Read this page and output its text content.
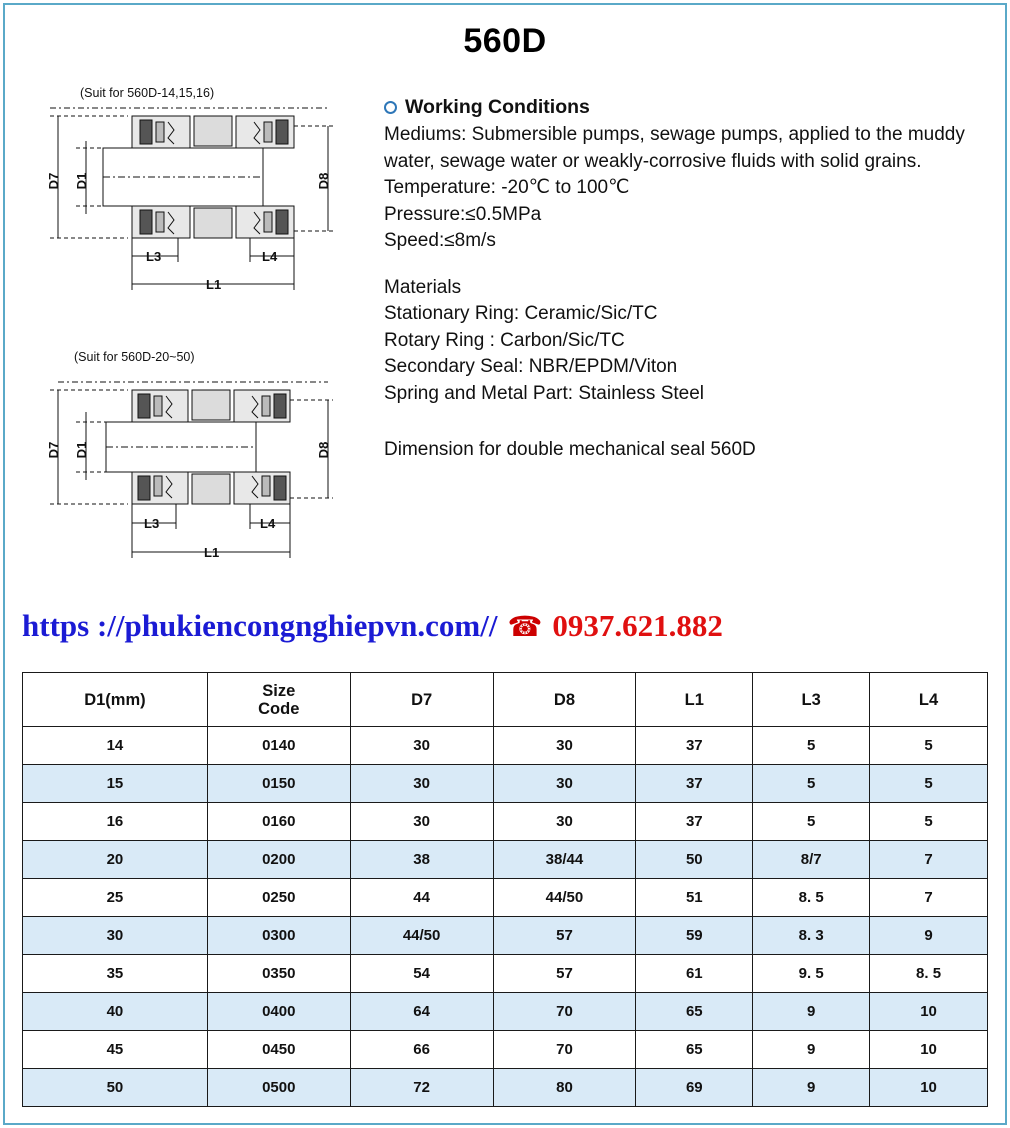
560D
(Suit for 560D-14,15,16)
D7 D1	D8
L3	L4
L1
(Suit for 560D-20~50)
D7 D1	D8
L3	L4
L1
Working Conditions

Mediums: Submersible pumps, sewage pumps, applied to the muddy water, sewage water or weakly-corrosive fluids with solid grains.

Temperature: -20℃ to 100℃

Pressure:≤0.5MPa

Speed:≤8m/s

Materials

Stationary Ring: Ceramic/Sic/TC

Rotary Ring : Carbon/Sic/TC

Secondary Seal: NBR/EPDM/Viton

Spring and Metal Part: Stainless Steel

Dimension for double mechanical seal 560D

https ://phukiencongnghiepvn.com// ☎ 0937.621.882
D1(mm)	Size
Code	D7	D8	L1	L3	L4
14	0140	30	30	37	5	5
15	0150	30	30	37	5	5
16	0160	30	30	37	5	5
20	0200	38	38/44	50	8/7	7
25	0250	44	44/50	51	8. 5	7
30	0300	44/50	57	59	8. 3	9
35	0350	54	57	61	9. 5	8. 5
40	0400	64	70	65	9	10
45	0450	66	70	65	9	10
50	0500	72	80	69	9	10
